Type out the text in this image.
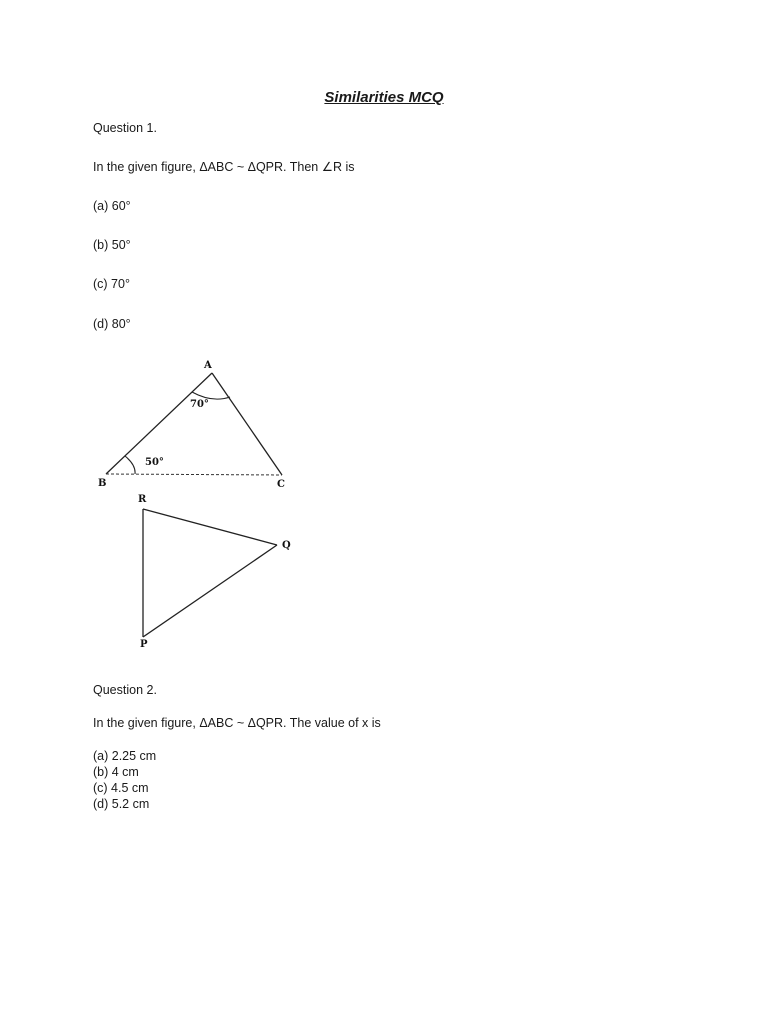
Similarities MCQ

Question 1.

In the given figure, ΔABC ~ ΔQPR. Then ∠R is

(a) 60°

(b) 50°

(c) 70°

(d) 80°

A
B	C
70°
50°
R
Q
P

Question 2.

In the given figure, ΔABC ~ ΔQPR. The value of x is

(a) 2.25 cm

(b) 4 cm

(c) 4.5 cm

(d) 5.2 cm
